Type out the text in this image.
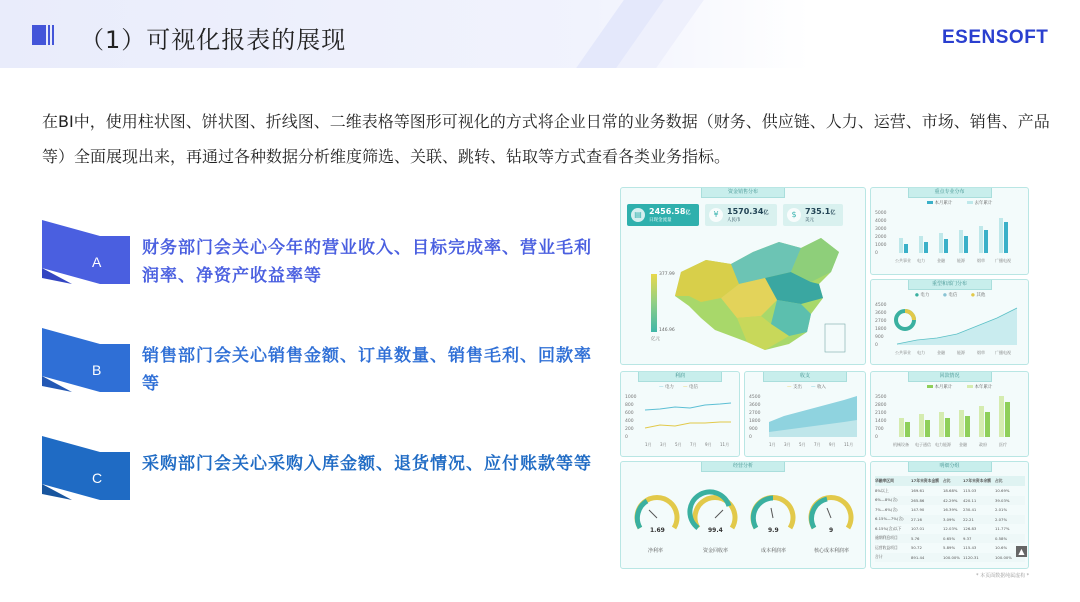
（1）可视化报表的展现	ESENSOFT
在BI中，使用柱状图、饼状图、折线图、二维表格等图形可视化的方式将企业日常的业务数据（财务、供应链、人力、运营、市场、销售、产品等）全面展现出来，再通过各种数据分析维度筛选、关联、跳转、钻取等方式查看各类业务指标。
A
财务部门会关心今年的营业收入、目标完成率、营业毛利润率、净资产收益率等
B
销售部门会关心销售金额、订单数量、销售毛利、回款率等
C
采购部门会关心采购入库金额、退货情况、应付账款等等
资金销售分布
▤ 2456.58亿
日现金流量
¥	1570.34亿
人民币
$	735.1亿
美元
377.99
146.96
亿元
重点专业分布
本月累计	去年累计
5000
4000
3000
2000
1000
0
公共事业 电力	金融	能源	烟草	广播电视
重型和部门分布
● 电力	● 电信	● 其他
4500
3600
2700
1800
900
0
公共事业 电力	金融	能源	烟草	广播电视
利润
— 电力 — 电信
1000
800
600
400
200
0
1月 3月 5月 7月 9月 11月
收支
— 支出 — 收入
4500
3600
2700
1800
900
0
1月 3月 5月 7月 9月 11月
回款情况
本月累计	本年累计
3500
2800
2100
1400
700
0
机械设备 电子通信 电力能源 金融	政府	医疗
经营分析
1.69
净利率
99.4
资金回收率
9.9
成本利润率
9
核心成本利润率
明细分组
华融率区间	17年末资本金额	占比	17年末资本余额	占比
8%以上	169.61	18.68%	115.03	10.69%
6%—8%(含)	265.86	42.29%	420.11	39.03%
7%—6%(含)	147.90	16.39%	230.41	2.01%
6.15%—7%(含)	27.16	3.09%	22.21	2.07%
6.15%(含)以下	107.01	12.03%	126.83	11.77%
逾期利息项目	5.76	0.65%	9.37	0.58%
运营收益项目	50.72	5.89%	115.43	10.6%
合计	891.44	100.00% 1120.31	100.00%
▲
* 本页面数据纯属虚构 *
